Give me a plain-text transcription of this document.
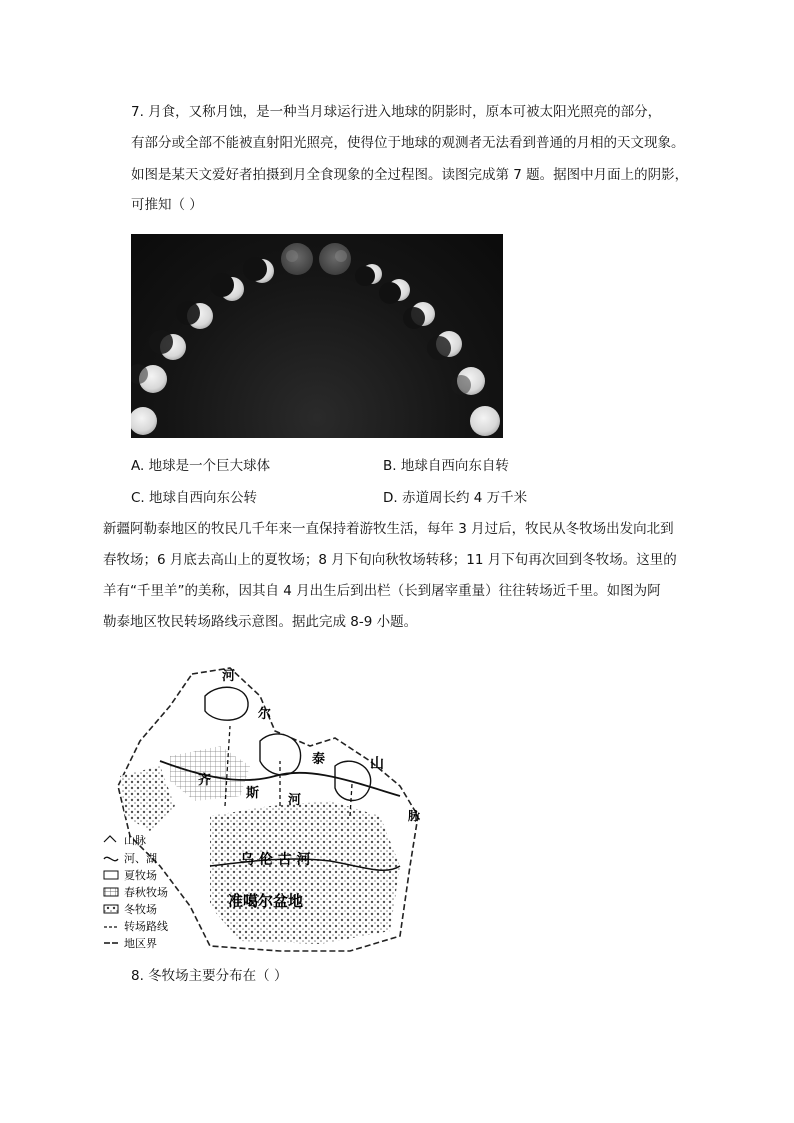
7. 月食，又称月蚀，是一种当月球运行进入地球的阴影时，原本可被太阳光照亮的部分，
有部分或全部不能被直射阳光照亮，使得位于地球的观测者无法看到普通的月相的天文现象。
如图是某天文爱好者拍摄到月全食现象的全过程图。读图完成第 7 题。据图中月面上的阴影，
可推知（ ）
A. 地球是一个巨大球体	B. 地球自西向东自转
C. 地球自西向东公转	D. 赤道周长约 4 万千米
新疆阿勒泰地区的牧民几千年来一直保持着游牧生活，每年 3 月过后，牧民从冬牧场出发向北到
春牧场；6 月底去高山上的夏牧场；8 月下旬向秋牧场转移；11 月下旬再次回到冬牧场。这里的
羊有“千里羊”的美称，因其自 4 月出生后到出栏（长到屠宰重量）往往转场近千里。如图为阿
勒泰地区牧民转场路线示意图。据此完成 8-9 小题。
河
尔
泰	山
脉
齐
斯 河
乌 伦 古 河
准噶尔盆地
山脉
河、湖
夏牧场
春秋牧场
冬牧场
转场路线
地区界
8. 冬牧场主要分布在（ ）
